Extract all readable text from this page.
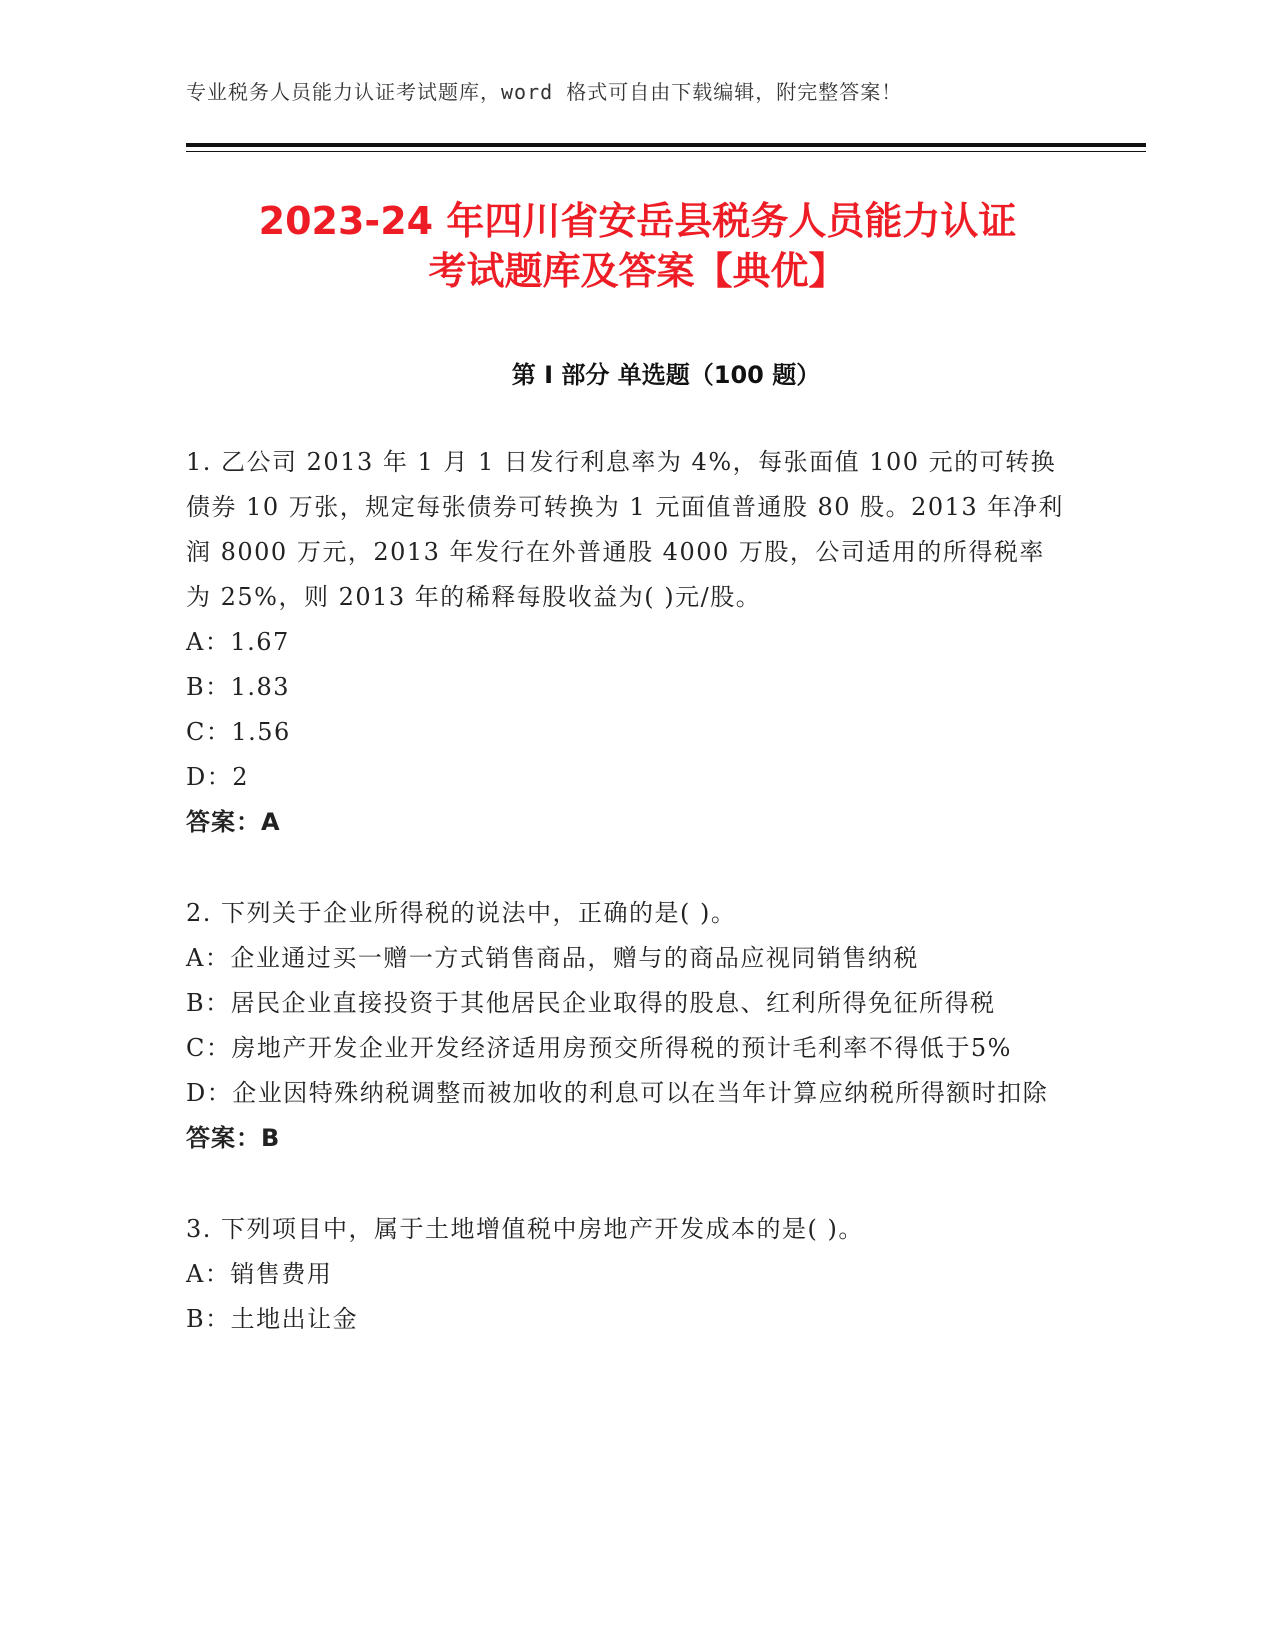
专业税务人员能力认证考试题库，word 格式可自由下载编辑，附完整答案！
2023-24 年四川省安岳县税务人员能力认证
考试题库及答案【典优】
第 I 部分 单选题（100 题）

1. 乙公司 2013 年 1 月 1 日发行利息率为 4%，每张面值 100 元的可转换债券 10 万张，规定每张债券可转换为 1 元面值普通股 80 股。2013 年净利润 8000 万元，2013 年发行在外普通股 4000 万股，公司适用的所得税率为 25%，则 2013 年的稀释每股收益为( )元/股。

A：1.67

B：1.83

C：1.56

D：2

答案：A

2. 下列关于企业所得税的说法中，正确的是( )。

A：企业通过买一赠一方式销售商品，赠与的商品应视同销售纳税

B：居民企业直接投资于其他居民企业取得的股息、红利所得免征所得税

C：房地产开发企业开发经济适用房预交所得税的预计毛利率不得低于5%

D：企业因特殊纳税调整而被加收的利息可以在当年计算应纳税所得额时扣除

答案：B

3. 下列项目中，属于土地增值税中房地产开发成本的是( )。

A：销售费用

B：土地出让金
